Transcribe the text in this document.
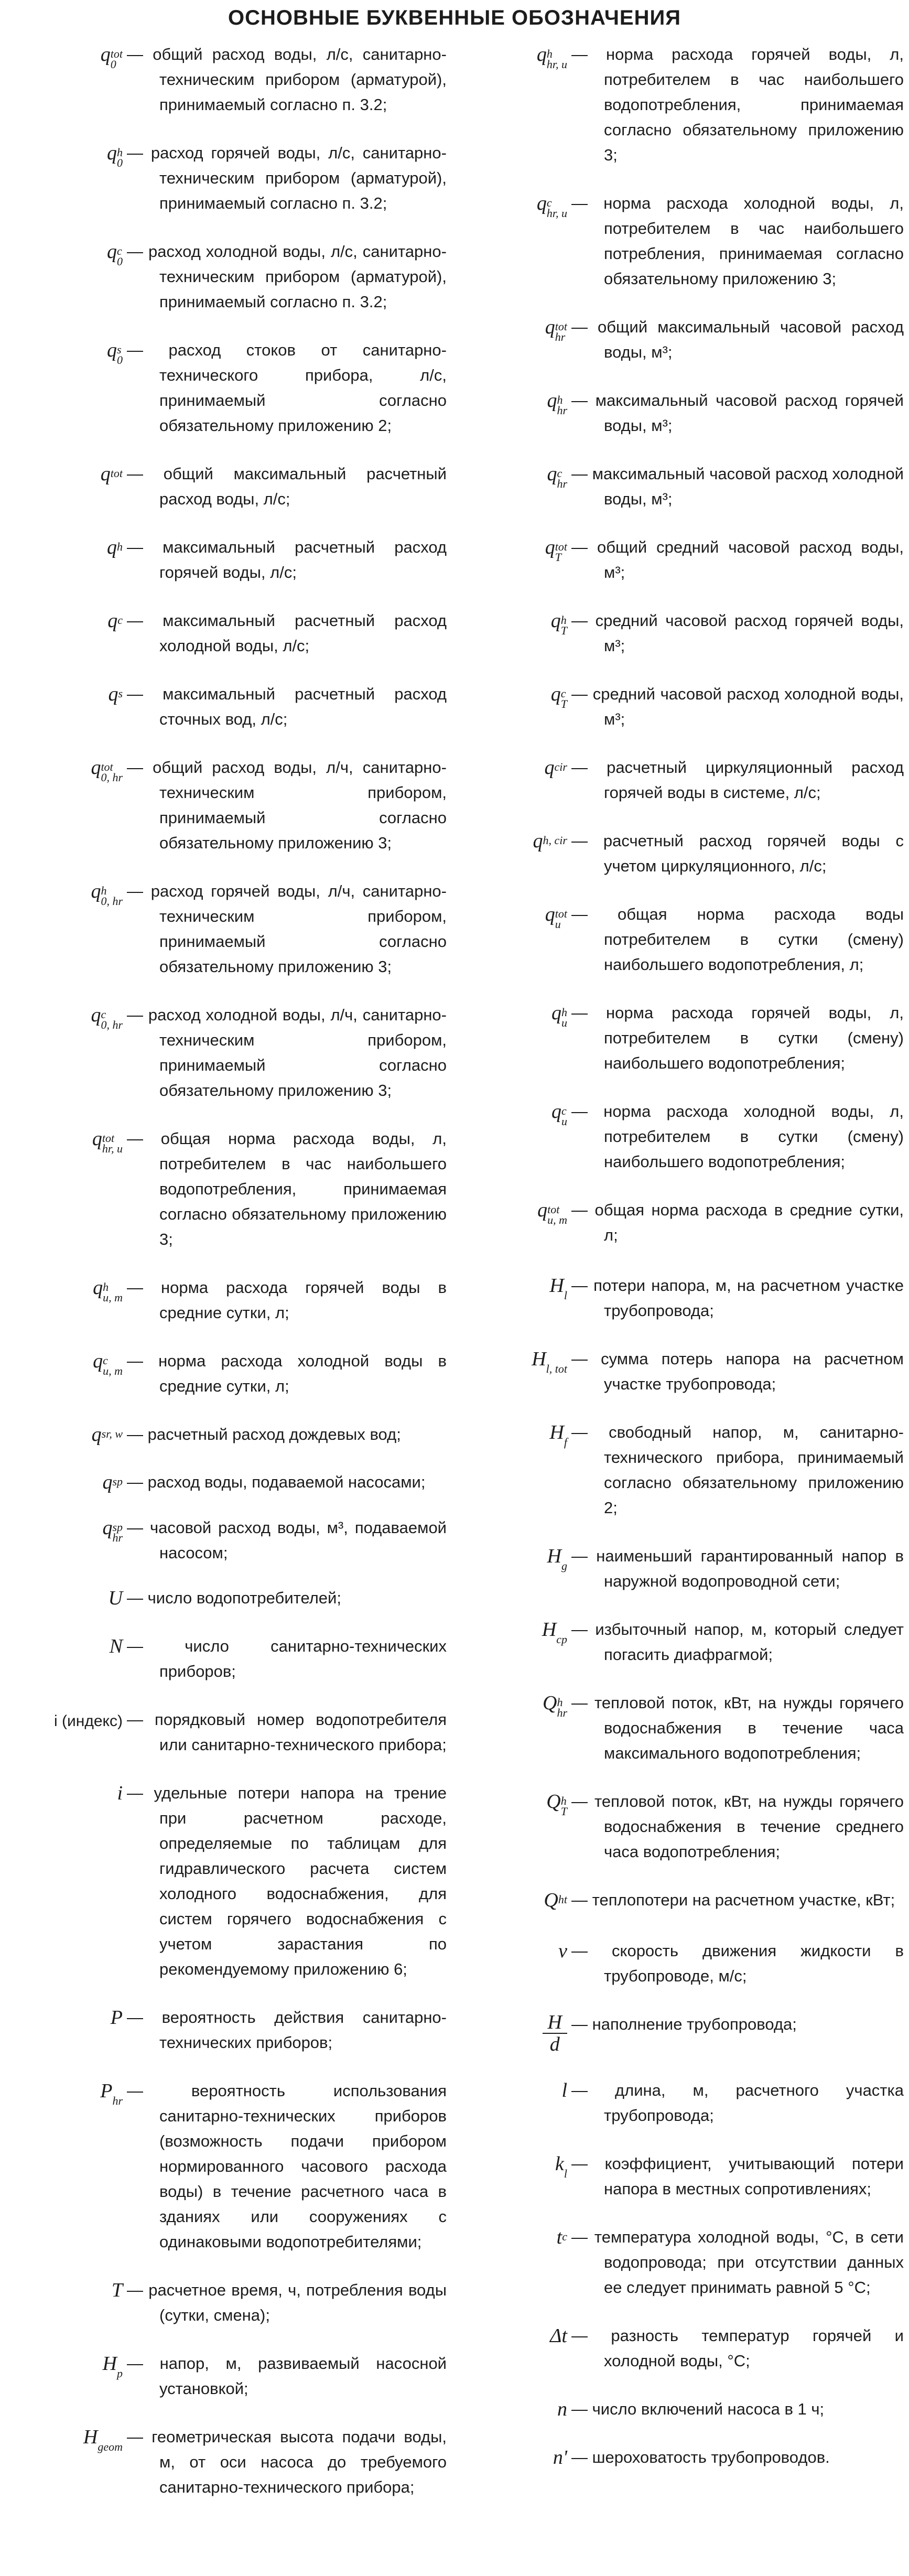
ОСНОВНЫЕ БУКВЕННЫЕ ОБОЗНАЧЕНИЯ
q tot
0

— общий расход воды, л/с, санитарно-техническим прибором (арматурой), принимаемый согласно п. 3.2;

q h
0

— расход горячей воды, л/с, санитарно-техническим прибором (арматурой), принимаемый согласно п. 3.2;

q c
0

— расход холодной воды, л/с, санитарно-техническим прибором (арматурой), принимаемый согласно п. 3.2;

q s
0

— расход стоков от санитарно-технического прибора, л/с, принимаемый согласно обязательному приложению 2;

q tot
— общий максимальный расчетный расход воды, л/с;

q h
— максимальный расчетный расход горячей воды, л/с;

q c
— максимальный расчетный расход холодной воды, л/с;

q s
— максимальный расчетный расход сточных вод, л/с;

q tot
0, hr

— общий расход воды, л/ч, санитарно-техническим прибором, принимаемый согласно обязательному приложению 3;

q h
0, hr

— расход горячей воды, л/ч, санитарно-техническим прибором, принимаемый согласно обязательному приложению 3;

q c
0, hr

— расход холодной воды, л/ч, санитарно-техническим прибором, принимаемый согласно обязательному приложению 3;

q tot
hr, u

— общая норма расхода воды, л, потребителем в час наибольшего водопотребления, принимаемая согласно обязательному приложению 3;

q h
u, m

— норма расхода горячей воды в средние сутки, л;

q c
u, m

— норма расхода холодной воды в средние сутки, л;

q sr, w
— расчетный расход дождевых вод;

q sp
— расход воды, подаваемой насосами;

q sp
hr

— часовой расход воды, м³, подаваемой насосом;

U — число водопотребителей;

N — число санитарно-технических приборов;

i (индекс) — порядковый номер водопотребителя или санитарно-технического прибора;

i — удельные потери напора на трение при расчетном расходе, определяемые по таблицам для гидравлического расчета систем холодного водоснабжения, для систем горячего водоснабжения с учетом зарастания по рекомендуемому приложению 6;

P — вероятность действия санитарно-технических приборов;

P
hr

— вероятность использования санитарно-технических приборов (возможность подачи прибором нормированного часового расхода воды) в течение расчетного часа в зданиях или сооружениях с одинаковыми водопотребителями;

T — расчетное время, ч, потребления воды (сутки, смена);

H
p

— напор, м, развиваемый насосной установкой;

H
geom

— геометрическая высота подачи воды, м, от оси насоса до требуемого санитарно-технического прибора;

q h
hr, u

— норма расхода горячей воды, л, потребителем в час наибольшего водопотребления, принимаемая согласно обязательному приложению 3;

q c
hr, u

— норма расхода холодной воды, л, потребителем в час наибольшего потребления, принимаемая согласно обязательному приложению 3;

q tot
hr

— общий максимальный часовой расход воды, м³;

q h
hr

— максимальный часовой расход горячей воды, м³;

q c
hr

— максимальный часовой расход холодной воды, м³;

q tot
T

— общий средний часовой расход воды, м³;

q h
T

— средний часовой расход горячей воды, м³;

q c
T

— средний часовой расход холодной воды, м³;

q cir
— расчетный циркуляционный расход горячей воды в системе, л/с;

q h, cir
— расчетный расход горячей воды с учетом циркуляционного, л/с;

q tot
u

— общая норма расхода воды потребителем в сутки (смену) наибольшего водопотребления, л;

q h
u

— норма расхода горячей воды, л, потребителем в сутки (смену) наибольшего водопотребления;

q c
u

— норма расхода холодной воды, л, потребителем в сутки (смену) наибольшего водопотребления;

q tot
u, m

— общая норма расхода в средние сутки, л;

H
l

— потери напора, м, на расчетном участке трубопровода;

H
l, tot

— сумма потерь напора на расчетном участке трубопровода;

H
f

— свободный напор, м, санитарно-технического прибора, принимаемый согласно обязательному приложению 2;

H
g

— наименьший гарантированный напор в наружной водопроводной сети;

H
cp

— избыточный напор, м, который следует погасить диафрагмой;

Q h
hr

— тепловой поток, кВт, на нужды горячего водоснабжения в течение часа максимального водопотребления;

Q h
T

— тепловой поток, кВт, на нужды горячего водоснабжения в течение среднего часа водопотребления;

Q ht
— теплопотери на расчетном участке, кВт;

v — скорость движения жидкости в трубопроводе, м/с;

$\frac{H}{d}$ — наполнение трубопровода;

l — длина, м, расчетного участка трубопровода;

k
l

— коэффициент, учитывающий потери напора в местных сопротивлениях;

t c
— температура холодной воды, °С, в сети водопровода; при отсутствии данных ее следует принимать равной 5 °С;

Δt — разность температур горячей и холодной воды, °С;

n — число включений насоса в 1 ч;

n' — шероховатость трубопроводов.
